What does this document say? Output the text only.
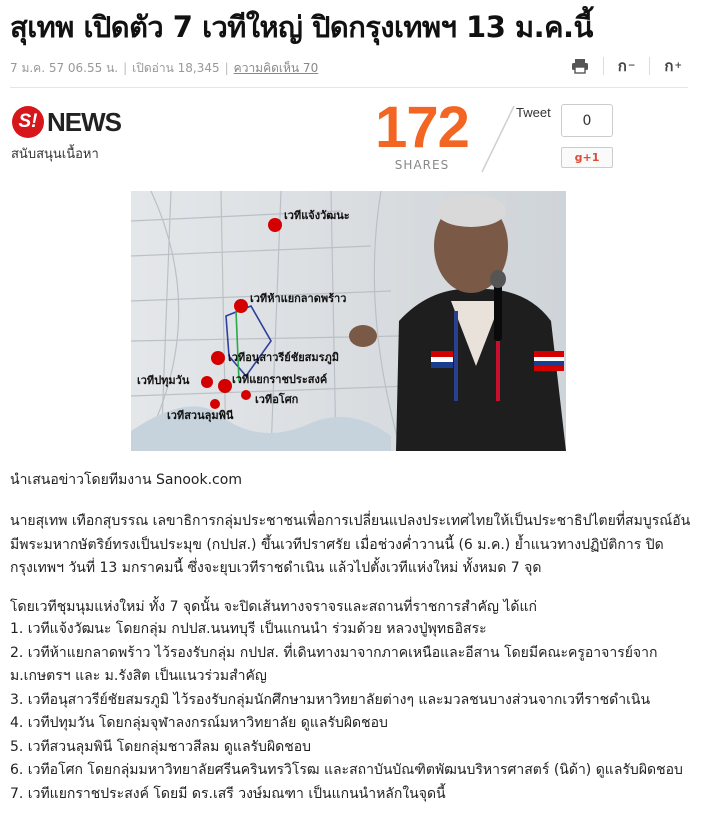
สุเทพ เปิดตัว 7 เวทีใหญ่ ปิดกรุงเทพฯ 13 ม.ค.นี้
7 ม.ค. 57 06.55 น. | เปิดอ่าน 18,345 | ความคิดเห็น 70	ก − ก +
S! NEWS
สนับสนุนเนื้อหา	172
SHARES
Tweet	0
g+1
เวทีแจ้งวัฒนะ
เวทีห้าแยกลาดพร้าว
เวทีอนุสาวรีย์ชัยสมรภูมิ
เวทีปทุมวัน	เวทีแยกราชประสงค์
เวทีอโศก
เวทีสวนลุมพินี

นำเสนอข่าวโดยทีมงาน Sanook.com

นายสุเทพ เทือกสุบรรณ เลขาธิการกลุ่มประชาชนเพื่อการเปลี่ยนแปลงประเทศไทยให้เป็นประชาธิปไตยที่สมบูรณ์อันมีพระมหากษัตริย์ทรงเป็นประมุข (กปปส.) ขึ้นเวทีปราศรัย เมื่อช่วงค่ำวานนี้ (6 ม.ค.) ย้ำแนวทางปฏิบัติการ ปิดกรุงเทพฯ วันที่ 13 มกราคมนี้ ซึ่งจะยุบเวทีราชดำเนิน แล้วไปตั้งเวทีแห่งใหม่ ทั้งหมด 7 จุด

โดยเวทีชุมนุมแห่งใหม่ ทั้ง 7 จุดนั้น จะปิดเส้นทางจราจรและสถานที่ราชการสำคัญ ได้แก่

1. เวทีแจ้งวัฒนะ โดยกลุ่ม กปปส.นนทบุรี เป็นแกนนำ ร่วมด้วย หลวงปู่พุทธอิสระ
2. เวทีห้าแยกลาดพร้าว ไว้รองรับกลุ่ม กปปส. ที่เดินทางมาจากภาคเหนือและอีสาน โดยมีคณะครูอาจารย์จาก ม.เกษตรฯ และ ม.รังสิต เป็นแนวร่วมสำคัญ
3. เวทีอนุสาวรีย์ชัยสมรภูมิ ไว้รองรับกลุ่มนักศึกษามหาวิทยาลัยต่างๆ และมวลชนบางส่วนจากเวทีราชดำเนิน
4. เวทีปทุมวัน โดยกลุ่มจุฬาลงกรณ์มหาวิทยาลัย ดูแลรับผิดชอบ
5. เวทีสวนลุมพินี โดยกลุ่มชาวสีลม ดูแลรับผิดชอบ
6. เวทีอโศก โดยกลุ่มมหาวิทยาลัยศรีนครินทรวิโรฒ และสถาบันบัณฑิตพัฒนบริหารศาสตร์ (นิด้า) ดูแลรับผิดชอบ
7. เวทีแยกราชประสงค์ โดยมี ดร.เสรี วงษ์มณฑา เป็นแกนนำหลักในจุดนี้
